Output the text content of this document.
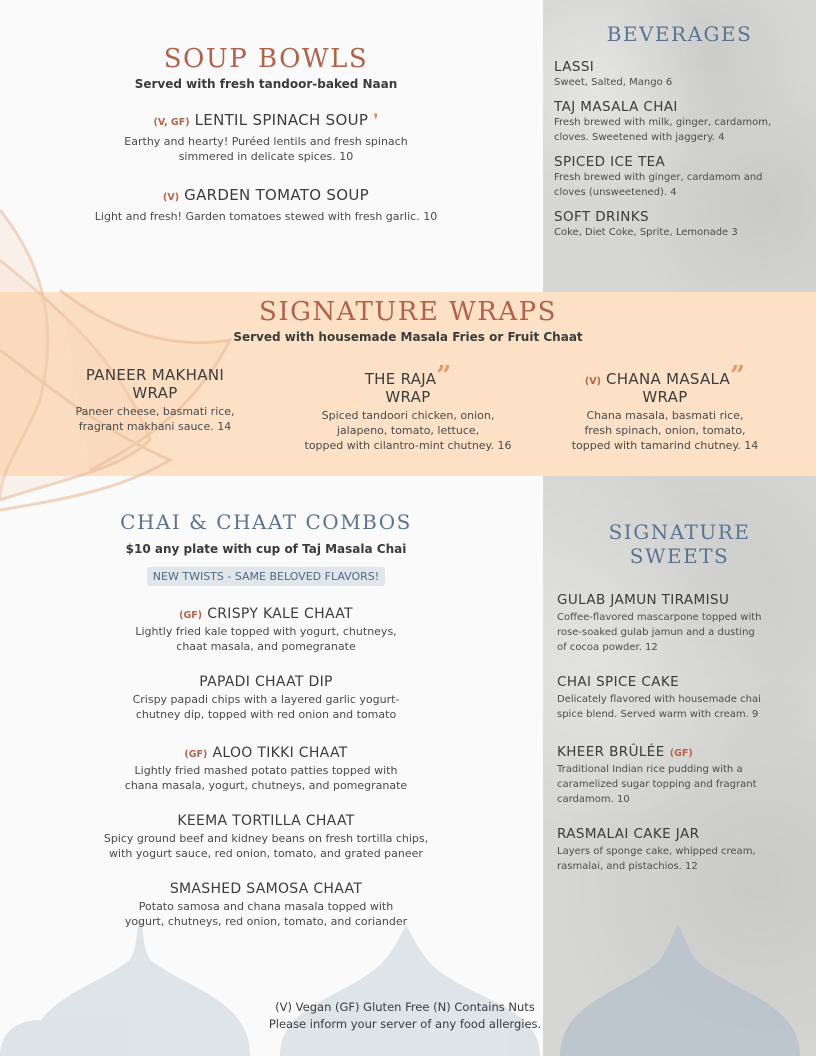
SOUP BOWLS
Served with fresh tandoor-baked Naan
(V, GF) LENTIL SPINACH SOUP ❜
Earthy and hearty! Puréed lentils and fresh spinach
simmered in delicate spices. 10
(V) GARDEN TOMATO SOUP
Light and fresh! Garden tomatoes stewed with fresh garlic. 10
BEVERAGES
LASSI
Sweet, Salted, Mango 6
TAJ MASALA CHAI
Fresh brewed with milk, ginger, cardamom,
cloves. Sweetened with jaggery. 4
SPICED ICE TEA
Fresh brewed with ginger, cardamom and
cloves (unsweetened). 4
SOFT DRINKS
Coke, Diet Coke, Sprite, Lemonade 3
SIGNATURE WRAPS
Served with housemade Masala Fries or Fruit Chaat
PANEER MAKHANI
WRAP
Paneer cheese, basmati rice,
fragrant makhani sauce. 14
THE RAJA”
WRAP
Spiced tandoori chicken, onion,
jalapeno, tomato, lettuce,
topped with cilantro-mint chutney. 16
(V) CHANA MASALA”
WRAP
Chana masala, basmati rice,
fresh spinach, onion, tomato,
topped with tamarind chutney. 14
CHAI & CHAAT COMBOS
$10 any plate with cup of Taj Masala Chai
NEW TWISTS - SAME BELOVED FLAVORS!
(GF) CRISPY KALE CHAAT
Lightly fried kale topped with yogurt, chutneys,
chaat masala, and pomegranate
PAPADI CHAAT DIP
Crispy papadi chips with a layered garlic yogurt-
chutney dip, topped with red onion and tomato
(GF) ALOO TIKKI CHAAT
Lightly fried mashed potato patties topped with
chana masala, yogurt, chutneys, and pomegranate
KEEMA TORTILLA CHAAT
Spicy ground beef and kidney beans on fresh tortilla chips,
with yogurt sauce, red onion, tomato, and grated paneer
SMASHED SAMOSA CHAAT
Potato samosa and chana masala topped with
yogurt, chutneys, red onion, tomato, and coriander
SIGNATURE
SWEETS
GULAB JAMUN TIRAMISU
Coffee-flavored mascarpone topped with
rose-soaked gulab jamun and a dusting
of cocoa powder. 12
CHAI SPICE CAKE
Delicately flavored with housemade chai
spice blend. Served warm with cream. 9
KHEER BRÛLÉE (GF)
Traditional Indian rice pudding with a
caramelized sugar topping and fragrant
cardamom. 10
RASMALAI CAKE JAR
Layers of sponge cake, whipped cream,
rasmalai, and pistachios. 12
(V) Vegan (GF) Gluten Free (N) Contains Nuts
Please inform your server of any food allergies.
